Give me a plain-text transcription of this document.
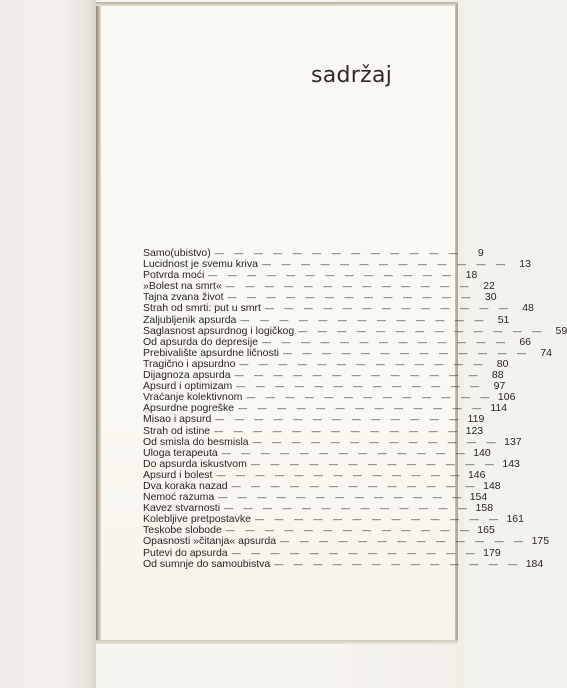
sadržaj
Samo(ubistvo) — — — — — — — — — — — — —	9
Lucidnost je svemu kriva — — — — — — — — — — — — — 13
Potvrda moći — — — — — — — — — — — — — 18
»Bolest na smrt« — — — — — — — — — — — — — 22
Tajna zvana život — — — — — — — — — — — — — 30
Strah od smrti: put u smrt — — — — — — — — — — — — — 48
Zaljubljenik apsurda — — — — — — — — — — — — — 51
Saglasnost apsurdnog i logičkog — — — — — — — — — — — — — 59
Od apsurda do depresije — — — — — — — — — — — — — 66
Prebivalište apsurdne ličnosti — — — — — — — — — — — — — 74
Tragično i apsurdno — — — — — — — — — — — — — 80
Dijagnoza apsurda — — — — — — — — — — — — — 88
Apsurd i optimizam — — — — — — — — — — — — — 97
Vraćanje kolektivnom — — — — — — — — — — — — — 106
Apsurdne pogreške — — — — — — — — — — — — — 114
Misao i apsurd — — — — — — — — — — — — — 119
Strah od istine — — — — — — — — — — — — — 123
Od smisla do besmisla — — — — — — — — — — — — — 137
Uloga terapeuta — — — — — — — — — — — — — 140
Do apsurda iskustvom — — — — — — — — — — — — — 143
Apsurd i bolest — — — — — — — — — — — — — 146
Dva koraka nazad — — — — — — — — — — — — — 148
Nemoć razuma — — — — — — — — — — — — — 154
Kavez stvarnosti — — — — — — — — — — — — — 158
Kolebljive pretpostavke — — — — — — — — — — — — — 161
Teskobe slobode — — — — — — — — — — — — — 165
Opasnosti »čitanja« apsurda — — — — — — — — — — — — — 175
Putevi do apsurda — — — — — — — — — — — — — 179
Od sumnje do samoubistva — — — — — — — — — — — — — 184
